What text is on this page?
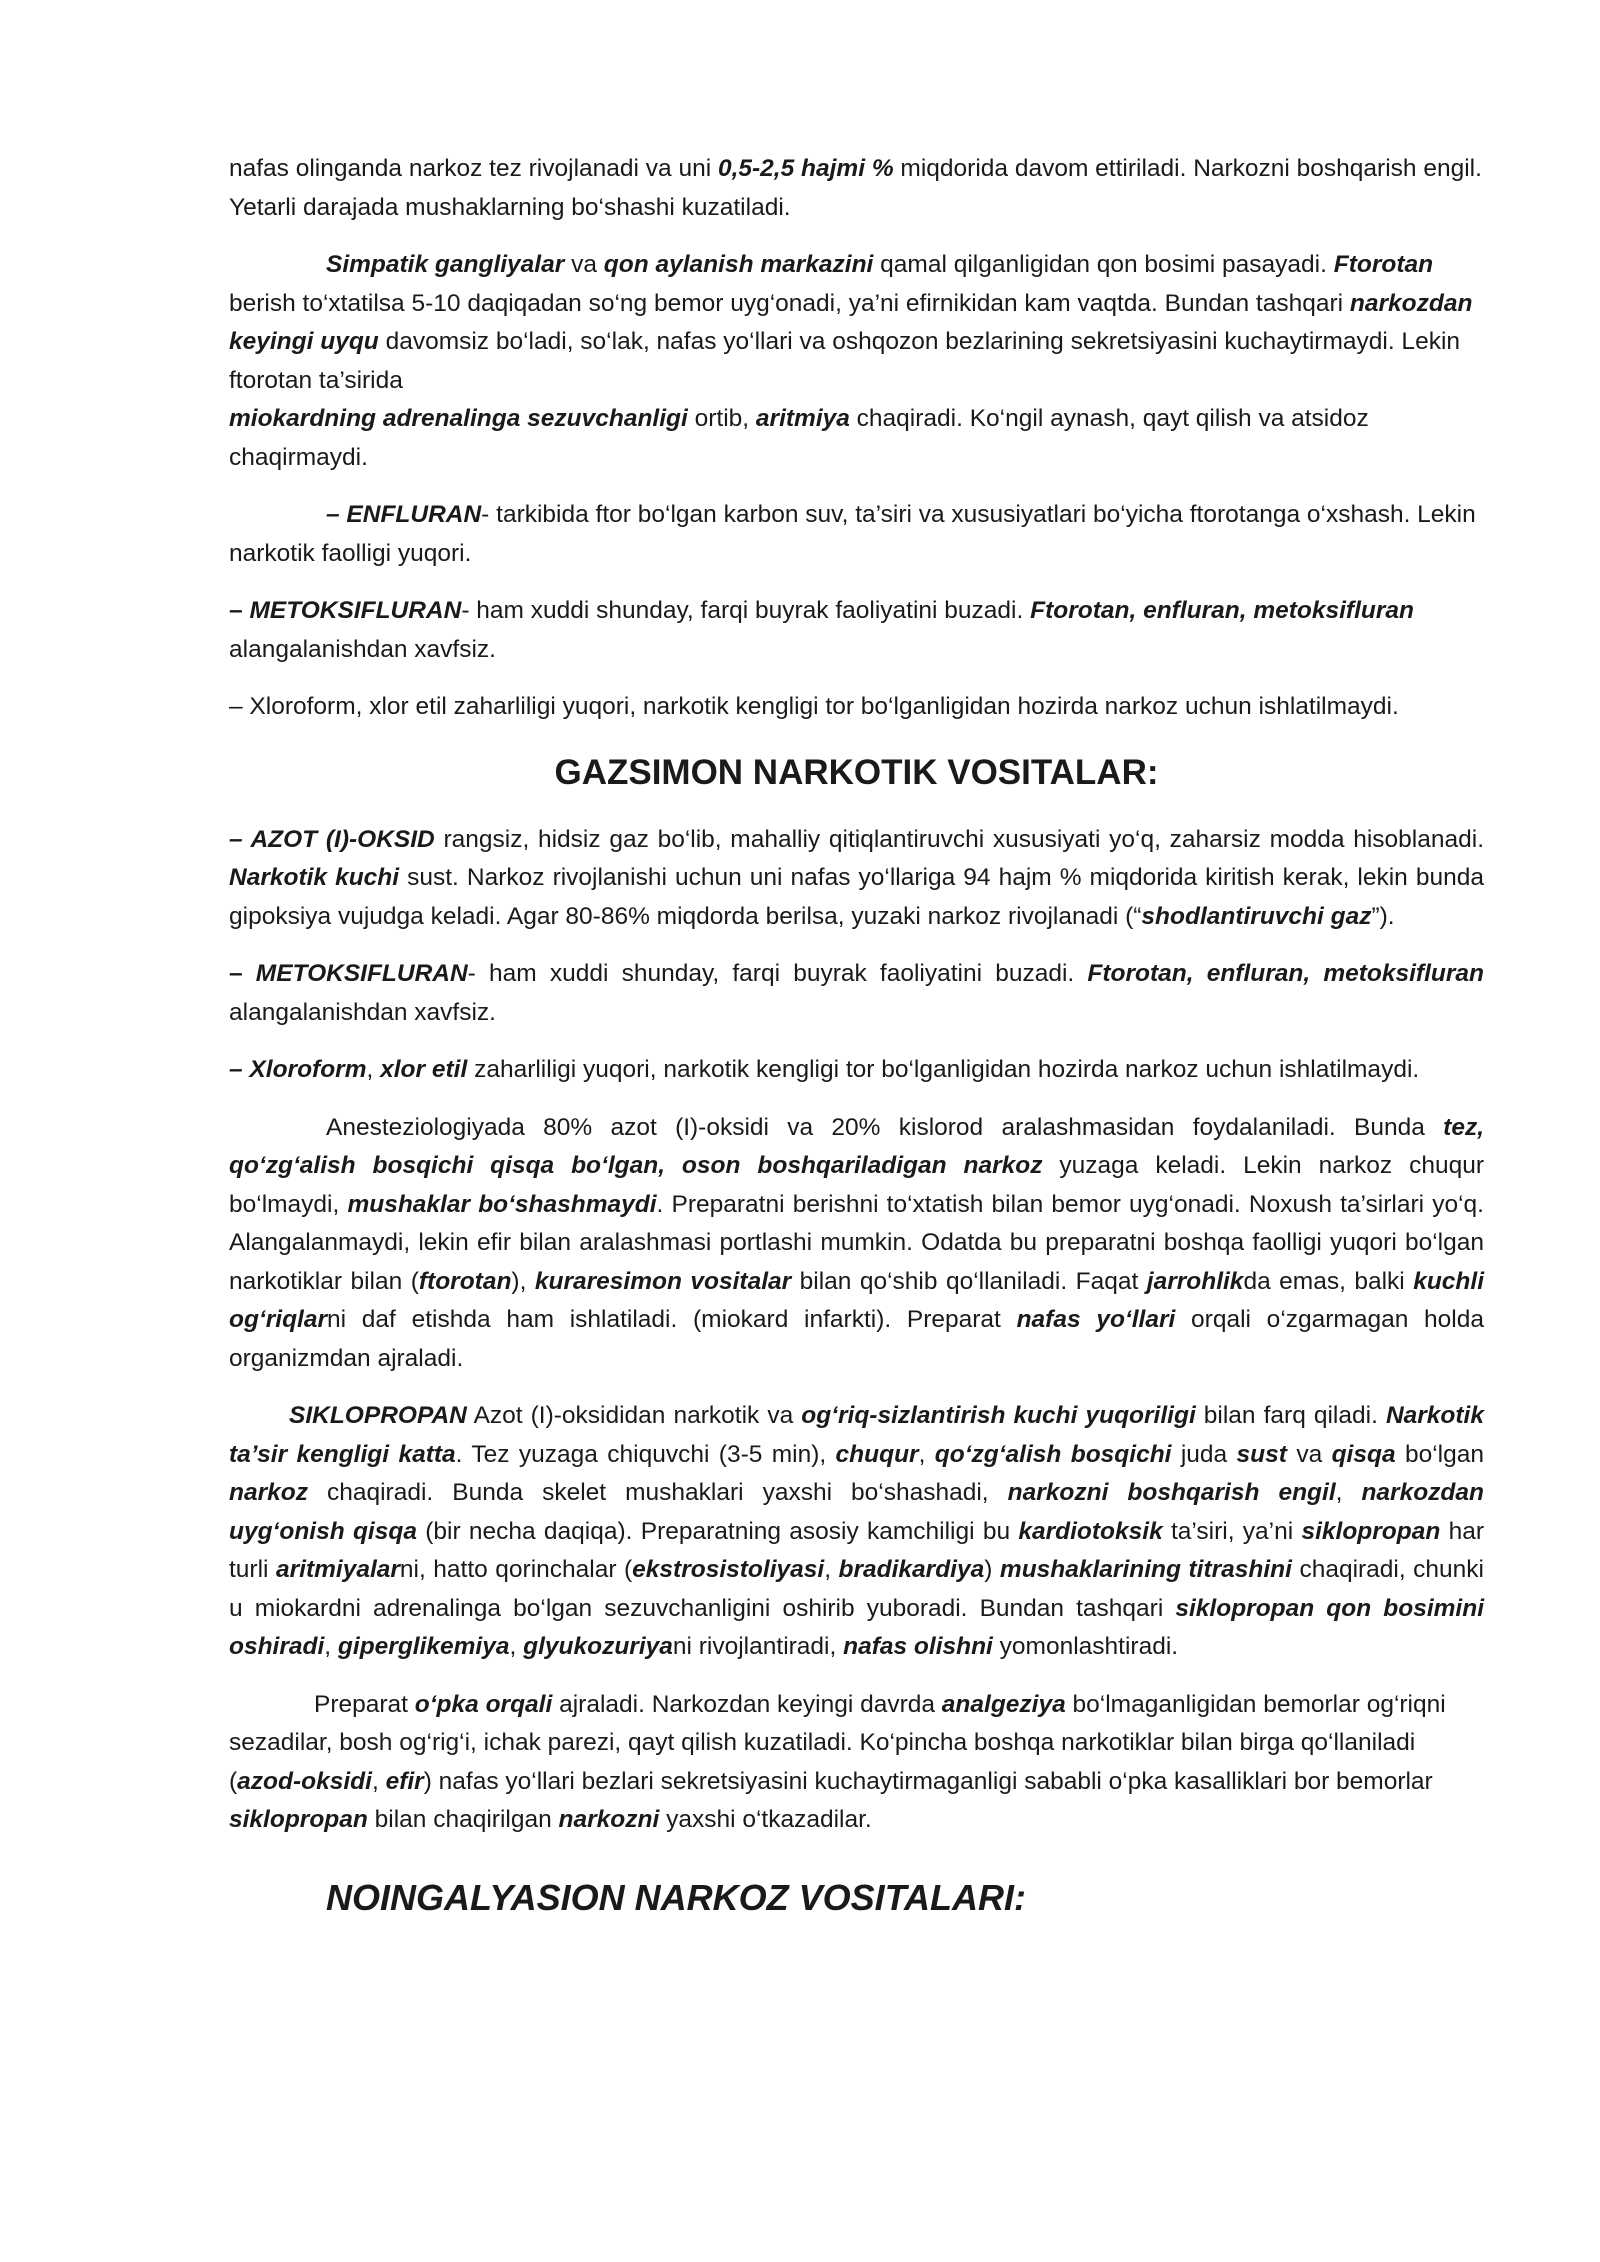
nafas olinganda narkoz tez rivojlanadi va uni 0,5-2,5 hajmi % miqdorida davom ettiriladi. Narkozni boshqarish engil. Yetarli darajada mushaklarning bo‘shashi kuzatiladi.

Simpatik gangliyalar va qon aylanish markazini qamal qilganligidan qon bosimi pasayadi. Ftorotan berish to‘xtatilsa 5-10 daqiqadan so‘ng bemor uyg‘onadi, ya’ni efirnikidan kam vaqtda. Bundan tashqari narkozdan keyingi uyqu davomsiz bo‘ladi, so‘lak, nafas yo‘llari va oshqozon bezlarining sekretsiyasini kuchaytirmaydi. Lekin ftorotan ta’sirida
miokardning adrenalinga sezuvchanligi ortib, aritmiya chaqiradi. Ko‘ngil aynash, qayt qilish va atsidoz chaqirmaydi.

– ENFLURAN- tarkibida ftor bo‘lgan karbon suv, ta’siri va xususiyatlari bo‘yicha ftorotanga o‘xshash. Lekin narkotik faolligi yuqori.

– METOKSIFLURAN- ham xuddi shunday, farqi buyrak faoliyatini buzadi. Ftorotan, enfluran, metoksifluran alangalanishdan xavfsiz.

– Xloroform, xlor etil zaharliligi yuqori, narkotik kengligi tor bo‘lganligidan hozirda narkoz uchun ishlatilmaydi.

GAZSIMON NARKOTIK VOSITALAR:

– AZOT (I)-OKSID rangsiz, hidsiz gaz bo‘lib, mahalliy qitiqlantiruvchi xususiyati yo‘q, zaharsiz modda hisoblanadi. Narkotik kuchi sust. Narkoz rivojlanishi uchun uni nafas yo‘llariga 94 hajm % miqdorida kiritish kerak, lekin bunda gipoksiya vujudga keladi. Agar 80-86% miqdorda berilsa, yuzaki narkoz rivojlanadi (“shodlantiruvchi gaz”).

– METOKSIFLURAN- ham xuddi shunday, farqi buyrak faoliyatini buzadi. Ftorotan, enfluran, metoksifluran alangalanishdan xavfsiz.

– Xloroform, xlor etil zaharliligi yuqori, narkotik kengligi tor bo‘lganligidan hozirda narkoz uchun ishlatilmaydi.

Anesteziologiyada 80% azot (I)-oksidi va 20% kislorod aralashmasidan foydalaniladi. Bunda tez, qo‘zg‘alish bosqichi qisqa bo‘lgan, oson boshqariladigan narkoz yuzaga keladi. Lekin narkoz chuqur bo‘lmaydi, mushaklar bo‘shashmaydi. Preparatni berishni to‘xtatish bilan bemor uyg‘onadi. Noxush ta’sirlari yo‘q. Alangalanmaydi, lekin efir bilan aralashmasi portlashi mumkin. Odatda bu preparatni boshqa faolligi yuqori bo‘lgan narkotiklar bilan (ftorotan), kuraresimon vositalar bilan qo‘shib qo‘llaniladi. Faqat jarrohlikda emas, balki kuchli og‘riqlarni daf etishda ham ishlatiladi. (miokard infarkti). Preparat nafas yo‘llari orqali o‘zgarmagan holda organizmdan ajraladi.

SIKLOPROPAN Azot (I)-oksididan narkotik va og‘riq-sizlantirish kuchi yuqoriligi bilan farq qiladi. Narkotik ta’sir kengligi katta. Tez yuzaga chiquvchi (3-5 min), chuqur, qo‘zg‘alish bosqichi juda sust va qisqa bo‘lgan narkoz chaqiradi. Bunda skelet mushaklari yaxshi bo‘shashadi, narkozni boshqarish engil, narkozdan uyg‘onish qisqa (bir necha daqiqa). Preparatning asosiy kamchiligi bu kardiotoksik ta’siri, ya’ni siklopropan har turli aritmiyalarni, hatto qorinchalar (ekstrosistoliyasi, bradikardiya) mushaklarining titrashini chaqiradi, chunki u miokardni adrenalinga bo‘lgan sezuvchanligini oshirib yuboradi. Bundan tashqari siklopropan qon bosimini oshiradi, giperglikemiya, glyukozuriyani rivojlantiradi, nafas olishni yomonlashtiradi.

Preparat o‘pka orqali ajraladi. Narkozdan keyingi davrda analgeziya bo‘lmaganligidan bemorlar og‘riqni sezadilar, bosh og‘rig‘i, ichak parezi, qayt qilish kuzatiladi. Ko‘pincha boshqa narkotiklar bilan birga qo‘llaniladi (azod-oksidi, efir) nafas yo‘llari bezlari sekretsiyasini kuchaytirmaganligi sababli o‘pka kasalliklari bor bemorlar siklopropan bilan chaqirilgan narkozni yaxshi o‘tkazadilar.

NOINGALYASION NARKOZ VOSITALARI:
